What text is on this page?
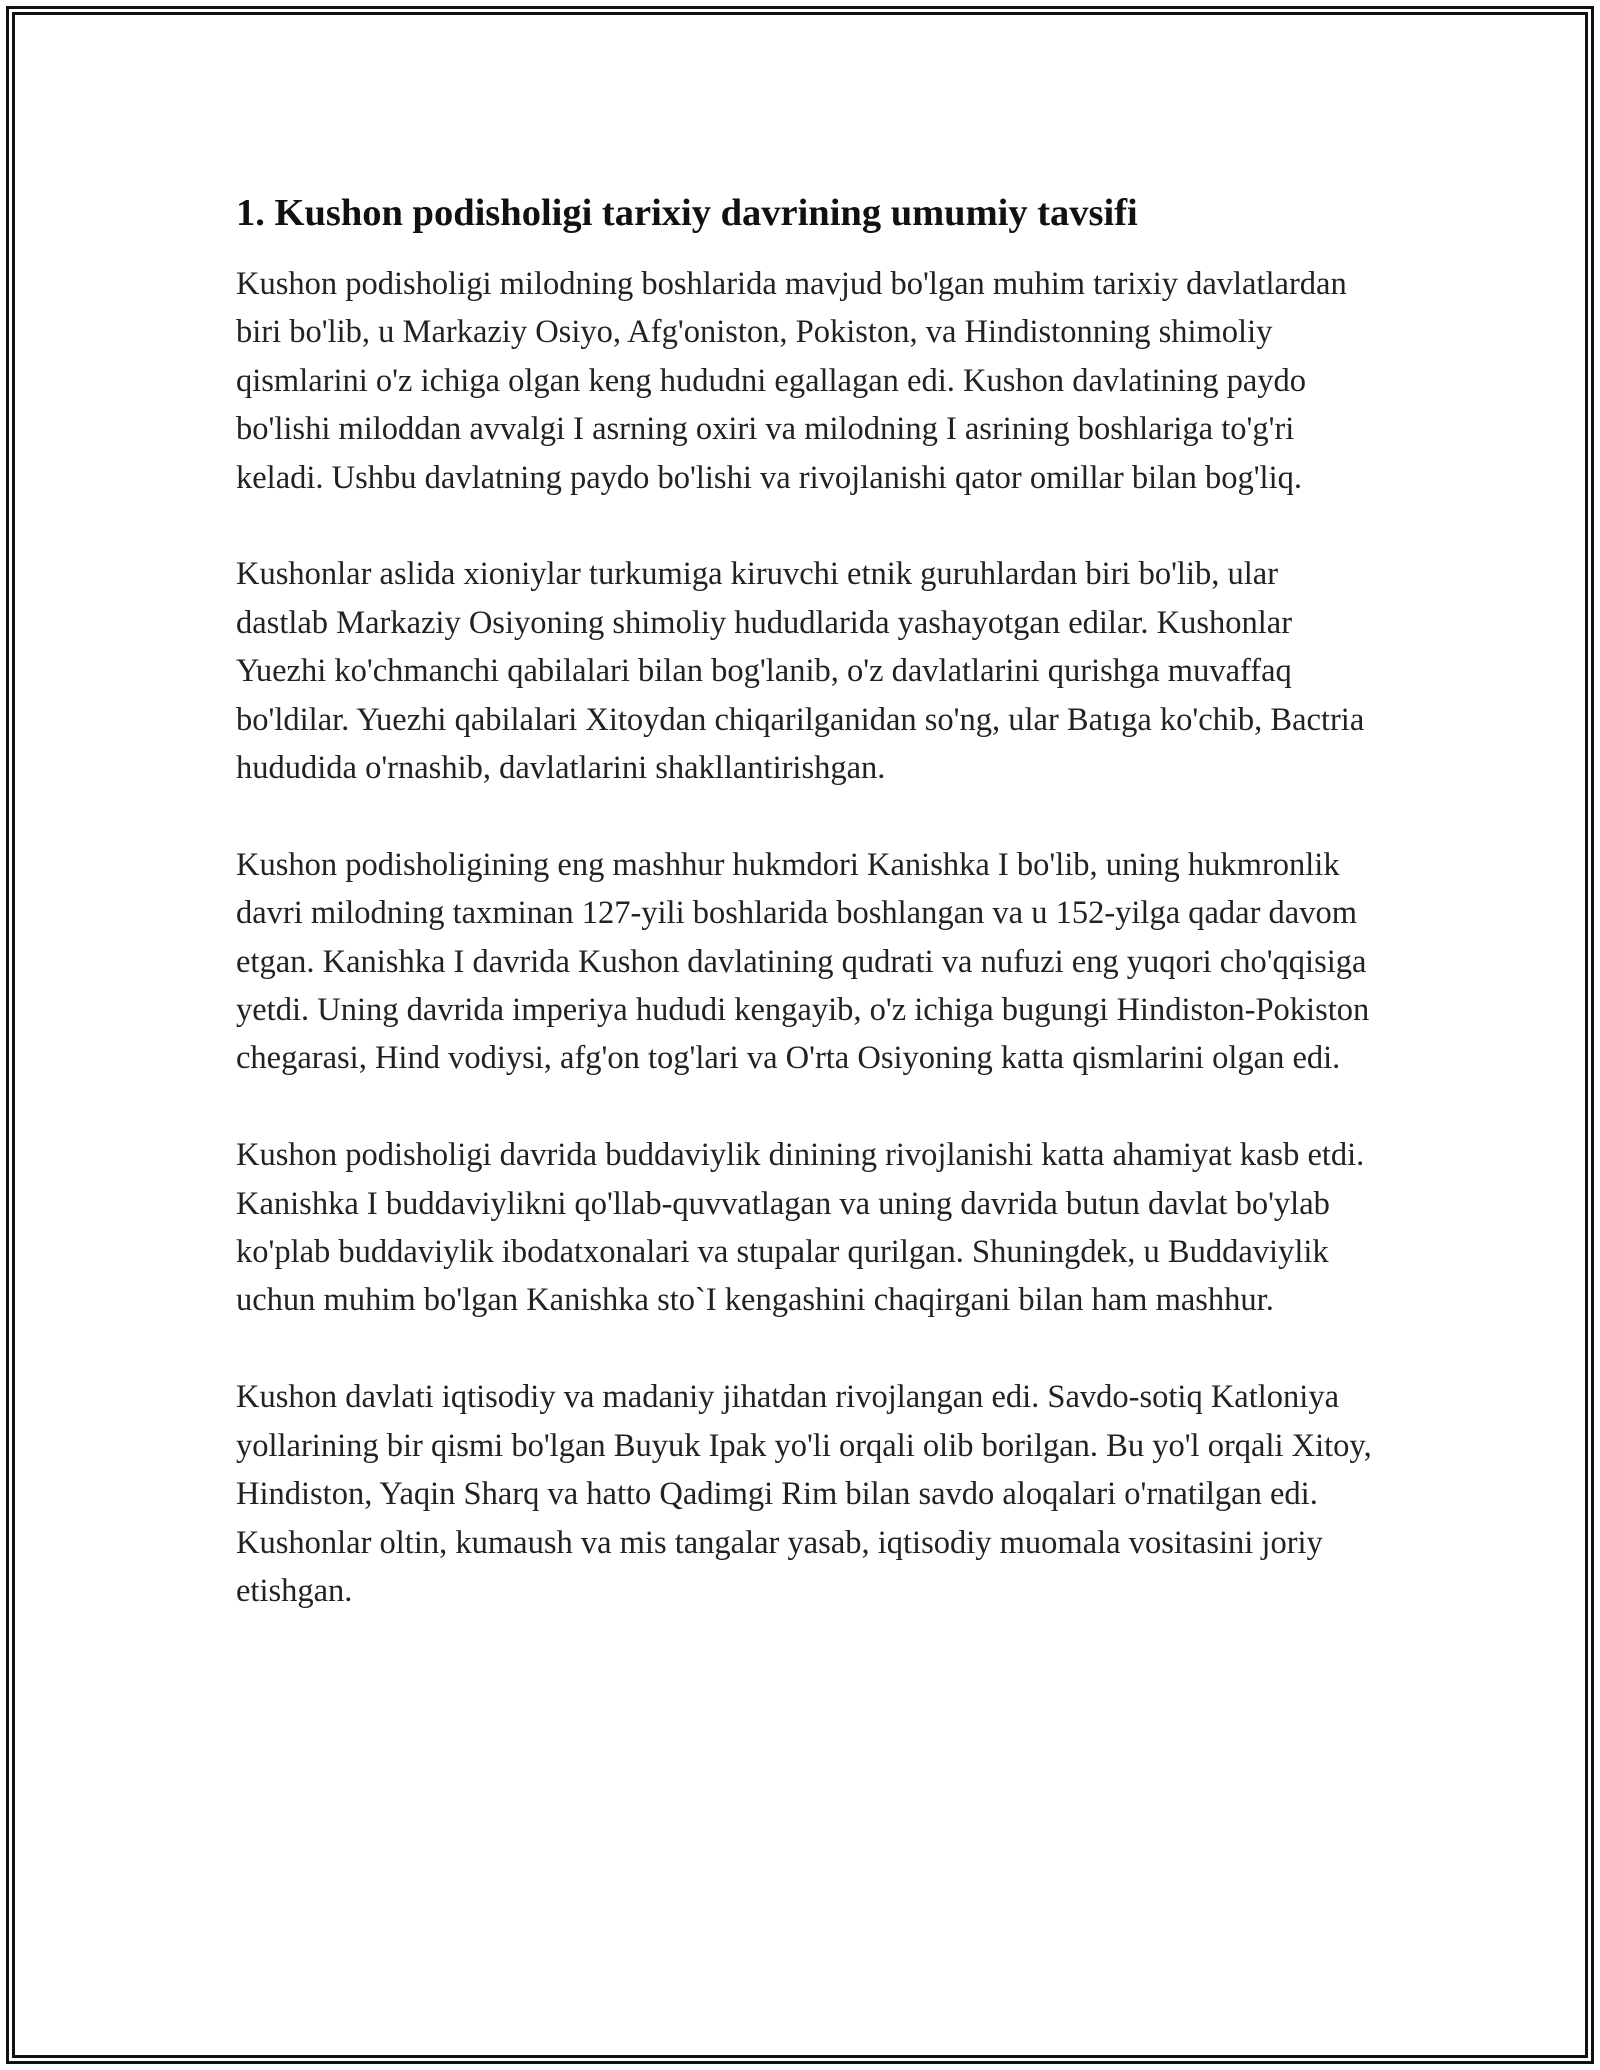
1. Kushon podisholigi tarixiy davrining umumiy tavsifi

Kushon podisholigi milodning boshlarida mavjud bo'lgan muhim tarixiy davlatlardan biri bo'lib, u Markaziy Osiyo, Afg'oniston, Pokiston, va Hindistonning shimoliy qismlarini o'z ichiga olgan keng hududni egallagan edi. Kushon davlatining paydo bo'lishi miloddan avvalgi I asrning oxiri va milodning I asrining boshlariga to'g'ri keladi. Ushbu davlatning paydo bo'lishi va rivojlanishi qator omillar bilan bog'liq.

Kushonlar aslida xioniylar turkumiga kiruvchi etnik guruhlardan biri bo'lib, ular dastlab Markaziy Osiyoning shimoliy hududlarida yashayotgan edilar. Kushonlar Yuezhi ko'chmanchi qabilalari bilan bog'lanib, o'z davlatlarini qurishga muvaffaq bo'ldilar. Yuezhi qabilalari Xitoydan chiqarilganidan so'ng, ular Batıga ko'chib, Bactria hududida o'rnashib, davlatlarini shakllantirishgan.

Kushon podisholigining eng mashhur hukmdori Kanishka I bo'lib, uning hukmronlik davri milodning taxminan 127-yili boshlarida boshlangan va u 152-yilga qadar davom etgan. Kanishka I davrida Kushon davlatining qudrati va nufuzi eng yuqori cho'qqisiga yetdi. Uning davrida imperiya hududi kengayib, o'z ichiga bugungi Hindiston-Pokiston chegarasi, Hind vodiysi, afg'on tog'lari va O'rta Osiyoning katta qismlarini olgan edi.

Kushon podisholigi davrida buddaviylik dinining rivojlanishi katta ahamiyat kasb etdi. Kanishka I buddaviylikni qo'llab-quvvatlagan va uning davrida butun davlat bo'ylab ko'plab buddaviylik ibodatxonalari va stupalar qurilgan. Shuningdek, u Buddaviylik uchun muhim bo'lgan Kanishka sto`I kengashini chaqirgani bilan ham mashhur.

Kushon davlati iqtisodiy va madaniy jihatdan rivojlangan edi. Savdo-sotiq Katloniya yollarining bir qismi bo'lgan Buyuk Ipak yo'li orqali olib borilgan. Bu yo'l orqali Xitoy, Hindiston, Yaqin Sharq va hatto Qadimgi Rim bilan savdo aloqalari o'rnatilgan edi. Kushonlar oltin, kumaush va mis tangalar yasab, iqtisodiy muomala vositasini joriy etishgan.
